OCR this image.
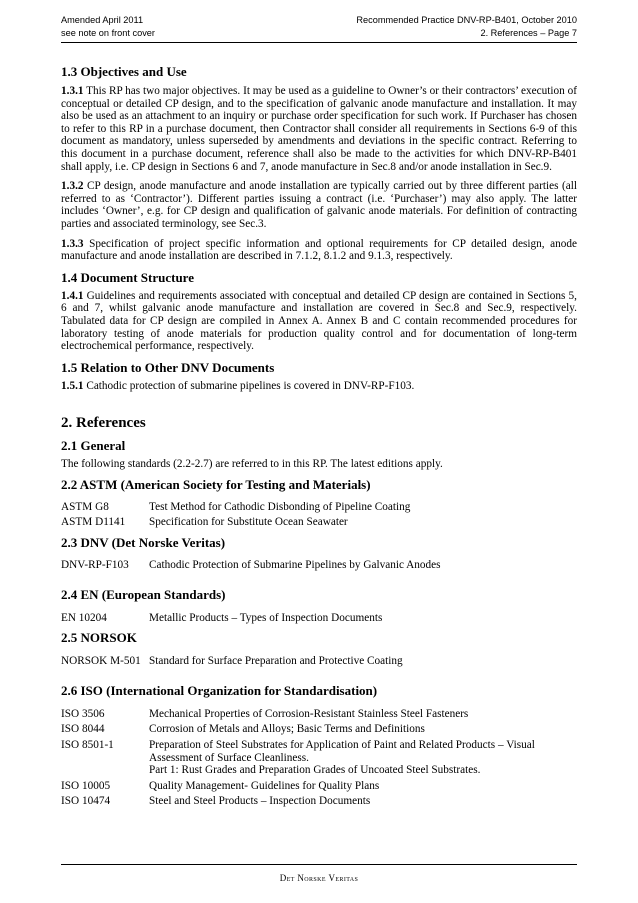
Amended April 2011	Recommended Practice DNV-RP-B401, October 2010
see note on front cover	2. References – Page 7
1.3 Objectives and Use

1.3.1 This RP has two major objectives. It may be used as a guideline to Owner’s or their contractors’ execution of conceptual or detailed CP design, and to the specification of galvanic anode manufacture and installation. It may also be used as an attachment to an inquiry or purchase order specification for such work. If Purchaser has chosen to refer to this RP in a purchase document, then Contractor shall consider all requirements in Sections 6-9 of this document as mandatory, unless superseded by amendments and deviations in the specific contract. Referring to this document in a purchase document, reference shall also be made to the activities for which DNV-RP-B401 shall apply, i.e. CP design in Sections 6 and 7, anode manufacture in Sec.8 and/or anode installation in Sec.9.

1.3.2 CP design, anode manufacture and anode installation are typically carried out by three different parties (all referred to as ‘Contractor’). Different parties issuing a contract (i.e. ‘Purchaser’) may also apply. The latter includes ‘Owner’, e.g. for CP design and qualification of galvanic anode materials. For definition of contracting parties and associated terminology, see Sec.3.

1.3.3 Specification of project specific information and optional requirements for CP detailed design, anode manufacture and anode installation are described in 7.1.2, 8.1.2 and 9.1.3, respectively.

1.4 Document Structure

1.4.1 Guidelines and requirements associated with conceptual and detailed CP design are contained in Sections 5, 6 and 7, whilst galvanic anode manufacture and installation are covered in Sec.8 and Sec.9, respectively. Tabulated data for CP design are compiled in Annex A. Annex B and C contain recommended procedures for laboratory testing of anode materials for production quality control and for documentation of long-term electrochemical performance, respectively.

1.5 Relation to Other DNV Documents

1.5.1 Cathodic protection of submarine pipelines is covered in DNV-RP-F103.

2. References
2.1 General

The following standards (2.2-2.7) are referred to in this RP. The latest editions apply.

2.2 ASTM (American Society for Testing and Materials)
ASTM G8	Test Method for Cathodic Disbonding of Pipeline Coating
ASTM D1141	Specification for Substitute Ocean Seawater
2.3 DNV (Det Norske Veritas)
DNV-RP-F103	Cathodic Protection of Submarine Pipelines by Galvanic Anodes
2.4 EN (European Standards)
EN 10204	Metallic Products – Types of Inspection Documents
2.5 NORSOK
NORSOK M-501 Standard for Surface Preparation and Protective Coating
2.6 ISO (International Organization for Standardisation)
ISO 3506	Mechanical Properties of Corrosion-Resistant Stainless Steel Fasteners
ISO 8044	Corrosion of Metals and Alloys; Basic Terms and Definitions
ISO 8501-1	Preparation of Steel Substrates for Application of Paint and Related Products – Visual Assessment of Surface Cleanliness.
Part 1: Rust Grades and Preparation Grades of Uncoated Steel Substrates.
ISO 10005	Quality Management- Guidelines for Quality Plans
ISO 10474	Steel and Steel Products – Inspection Documents
Det Norske Veritas
